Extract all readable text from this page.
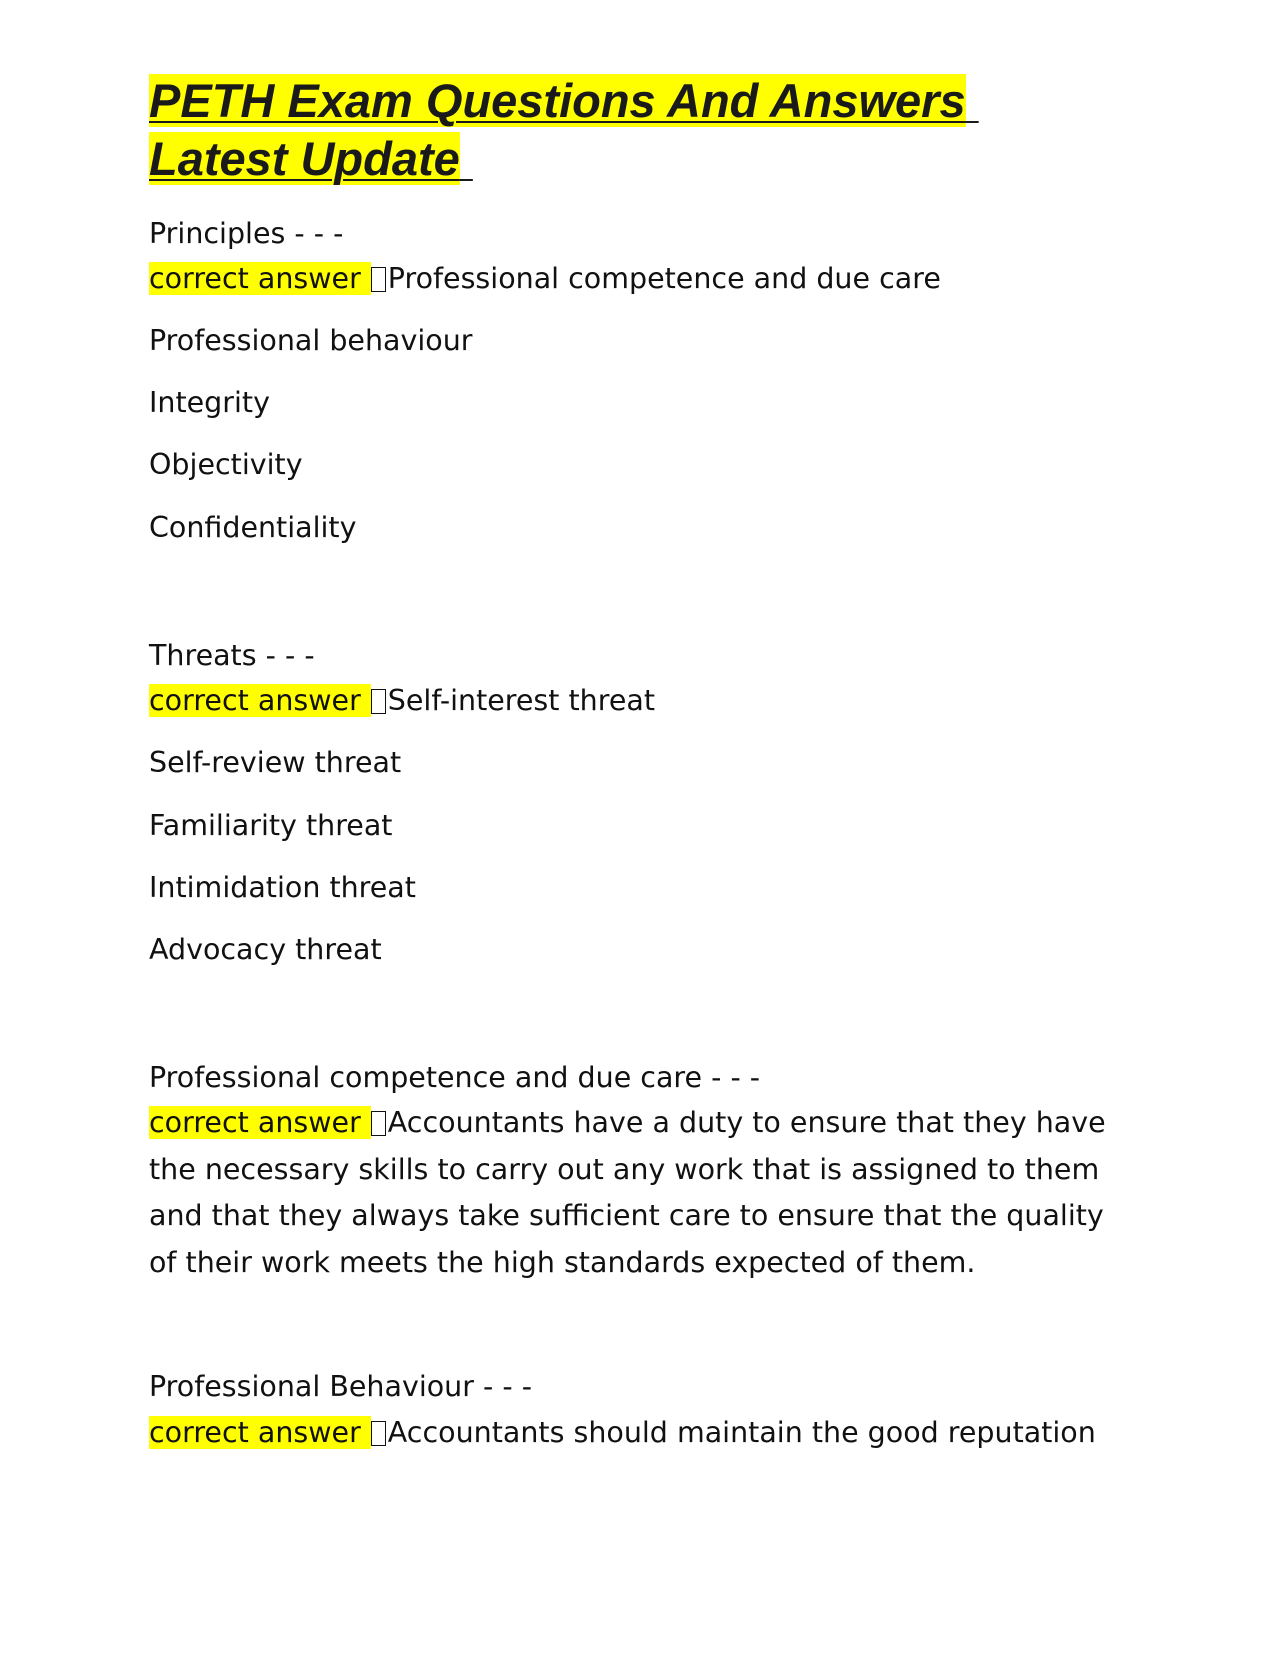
PETH Exam Questions And Answers
Latest Update
Principles - - -
correct answer Professional competence and due care
Professional behaviour
Integrity
Objectivity
Confidentiality
Threats - - -
correct answer Self-interest threat
Self-review threat
Familiarity threat
Intimidation threat
Advocacy threat
Professional competence and due care - - -
correct answer Accountants have a duty to ensure that they have the necessary skills to carry out any work that is assigned to them and that they always take sufficient care to ensure that the quality of their work meets the high standards expected of them.
Professional Behaviour - - -
correct answer Accountants should maintain the good reputation
